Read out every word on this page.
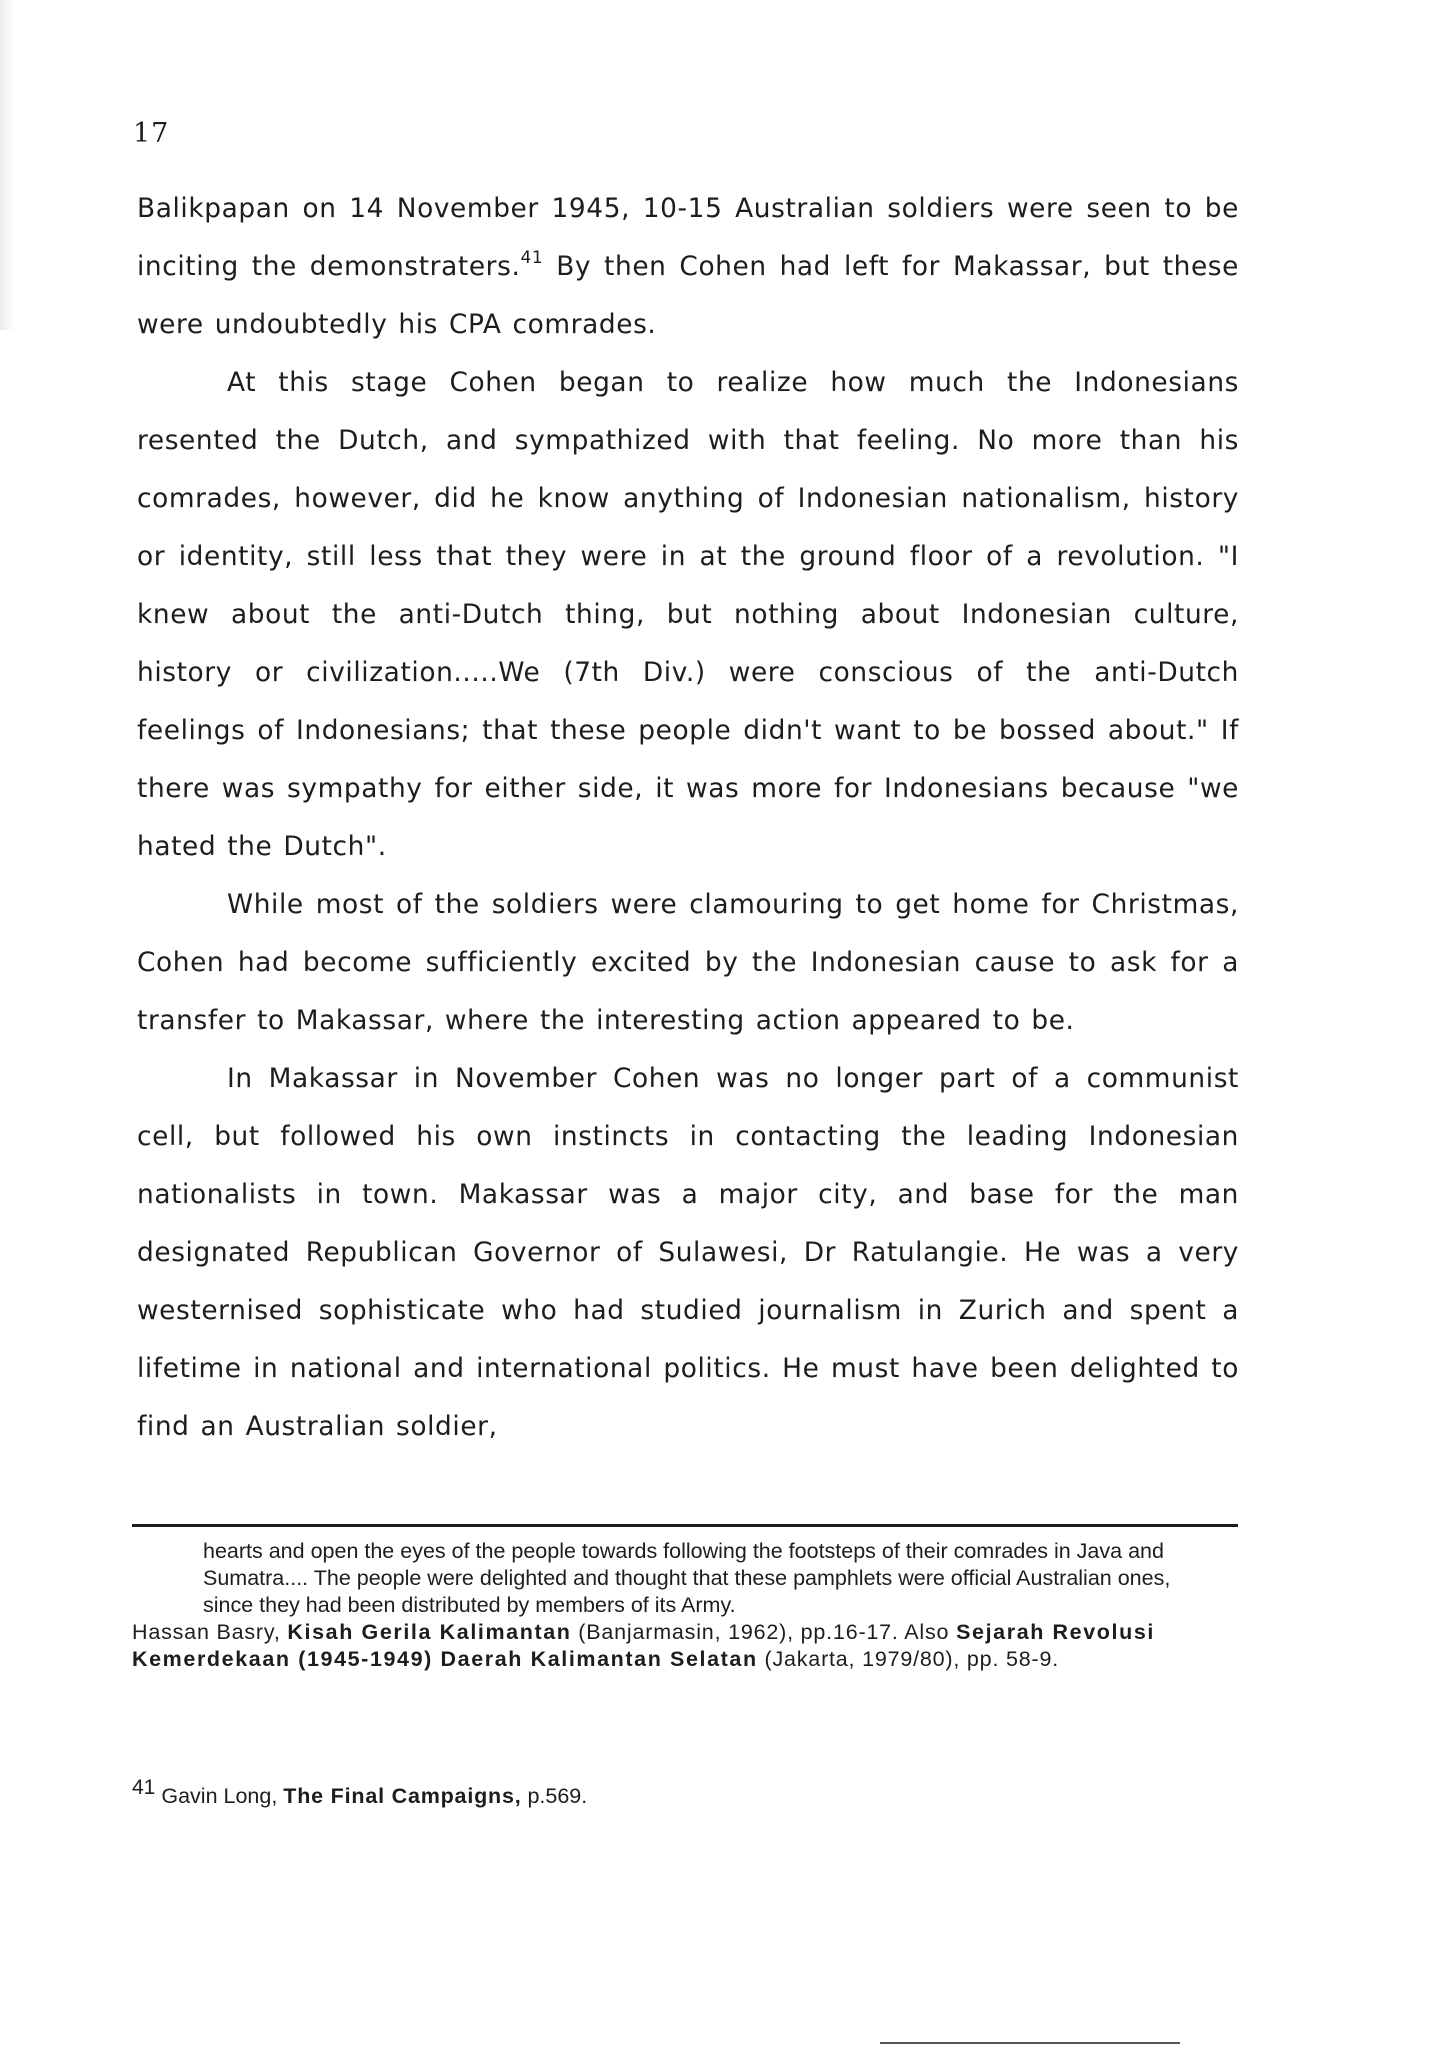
17

Balikpapan on 14 November 1945, 10-15 Australian soldiers were seen to be inciting the demonstraters.$^{41}$ By then Cohen had left for Makassar, but these were undoubtedly his CPA comrades.

At this stage Cohen began to realize how much the Indonesians resented the Dutch, and sympathized with that feeling. No more than his comrades, however, did he know anything of Indonesian nationalism, history or identity, still less that they were in at the ground floor of a revolution. "I knew about the anti-Dutch thing, but nothing about Indonesian culture, history or civilization.....We (7th Div.) were conscious of the anti-Dutch feelings of Indonesians; that these people didn't want to be bossed about." If there was sympathy for either side, it was more for Indonesians because "we hated the Dutch".

While most of the soldiers were clamouring to get home for Christmas, Cohen had become sufficiently excited by the Indonesian cause to ask for a transfer to Makassar, where the interesting action appeared to be.

In Makassar in November Cohen was no longer part of a communist cell, but followed his own instincts in contacting the leading Indonesian nationalists in town. Makassar was a major city, and base for the man designated Republican Governor of Sulawesi, Dr Ratulangie. He was a very westernised sophisticate who had studied journalism in Zurich and spent a lifetime in national and international politics. He must have been delighted to find an Australian soldier,

hearts and open the eyes of the people towards following the footsteps of their comrades in Java and Sumatra.... The people were delighted and thought that these pamphlets were official Australian ones, since they had been distributed by members of its Army.

Hassan Basry, Kisah Gerila Kalimantan (Banjarmasin, 1962), pp.16-17. Also Sejarah Revolusi Kemerdekaan (1945-1949) Daerah Kalimantan Selatan (Jakarta, 1979/80), pp. 58-9.

41 Gavin Long, The Final Campaigns, p.569.
